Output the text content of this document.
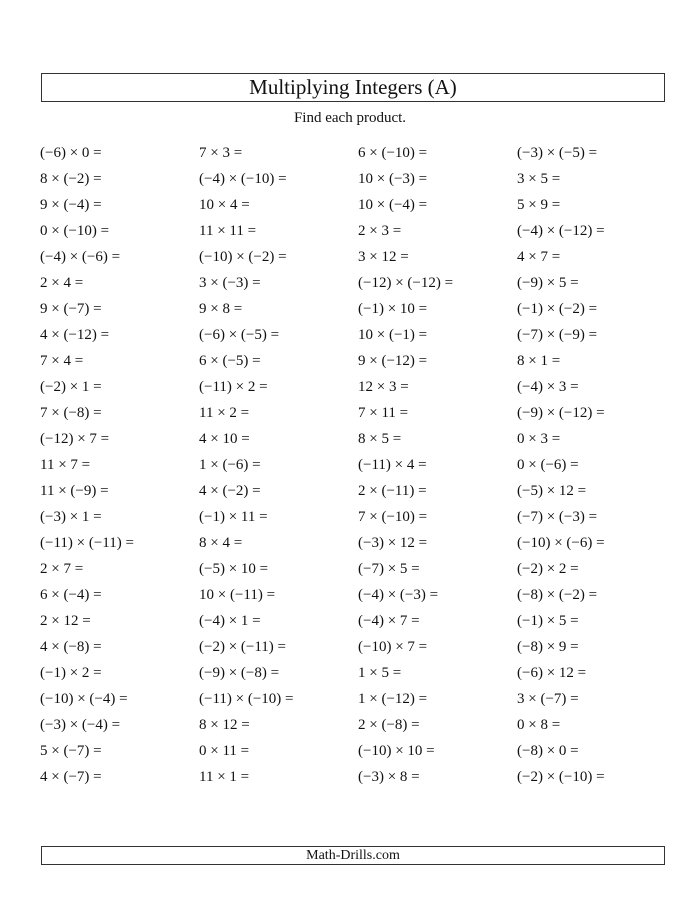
Multiplying Integers (A)
Find each product.
(−6) × 0 =	7 × 3 =	6 × (−10) =	(−3) × (−5) =
8 × (−2) =	(−4) × (−10) =	10 × (−3) =	3 × 5 =
9 × (−4) =	10 × 4 =	10 × (−4) =	5 × 9 =
0 × (−10) =	11 × 11 =	2 × 3 =	(−4) × (−12) =
(−4) × (−6) =	(−10) × (−2) =	3 × 12 =	4 × 7 =
2 × 4 =	3 × (−3) =	(−12) × (−12) =	(−9) × 5 =
9 × (−7) =	9 × 8 =	(−1) × 10 =	(−1) × (−2) =
4 × (−12) =	(−6) × (−5) =	10 × (−1) =	(−7) × (−9) =
7 × 4 =	6 × (−5) =	9 × (−12) =	8 × 1 =
(−2) × 1 =	(−11) × 2 =	12 × 3 =	(−4) × 3 =
7 × (−8) =	11 × 2 =	7 × 11 =	(−9) × (−12) =
(−12) × 7 =	4 × 10 =	8 × 5 =	0 × 3 =
11 × 7 =	1 × (−6) =	(−11) × 4 =	0 × (−6) =
11 × (−9) =	4 × (−2) =	2 × (−11) =	(−5) × 12 =
(−3) × 1 =	(−1) × 11 =	7 × (−10) =	(−7) × (−3) =
(−11) × (−11) =	8 × 4 =	(−3) × 12 =	(−10) × (−6) =
2 × 7 =	(−5) × 10 =	(−7) × 5 =	(−2) × 2 =
6 × (−4) =	10 × (−11) =	(−4) × (−3) =	(−8) × (−2) =
2 × 12 =	(−4) × 1 =	(−4) × 7 =	(−1) × 5 =
4 × (−8) =	(−2) × (−11) =	(−10) × 7 =	(−8) × 9 =
(−1) × 2 =	(−9) × (−8) =	1 × 5 =	(−6) × 12 =
(−10) × (−4) =	(−11) × (−10) =	1 × (−12) =	3 × (−7) =
(−3) × (−4) =	8 × 12 =	2 × (−8) =	0 × 8 =
5 × (−7) =	0 × 11 =	(−10) × 10 =	(−8) × 0 =
4 × (−7) =	11 × 1 =	(−3) × 8 =	(−2) × (−10) =
Math-Drills.com
